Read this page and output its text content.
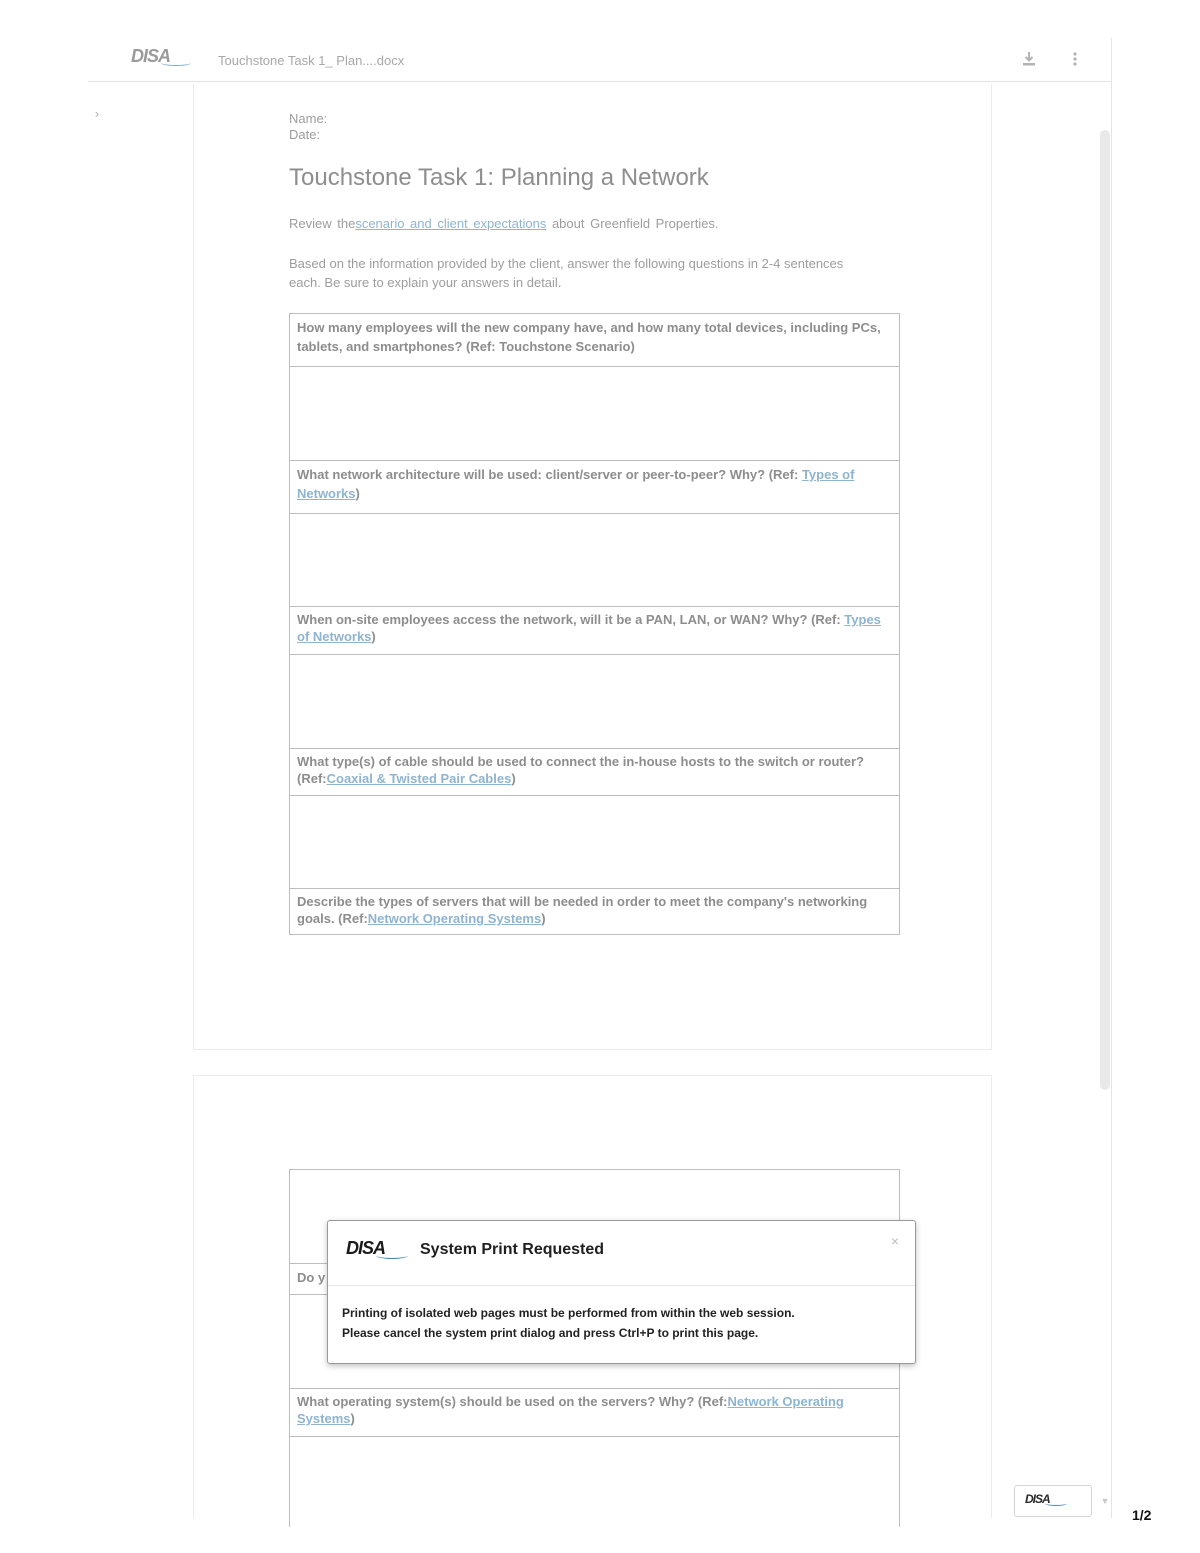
DISA	Touchstone Task 1_ Plan....docx
›
▼
Name:
Date:
Touchstone Task 1: Planning a Network
Review thescenario and client expectations about Greenfield Properties.
Based on the information provided by the client, answer the following questions in 2-4 sentences each. Be sure to explain your answers in detail.
How many employees will the new company have, and how many total devices, including PCs, tablets, and smartphones? (Ref: Touchstone Scenario)
What network architecture will be used: client/server or peer-to-peer? Why? (Ref: Types of Networks)
When on-site employees access the network, will it be a PAN, LAN, or WAN? Why? (Ref: Types of Networks)
What type(s) of cable should be used to connect the in-house hosts to the switch or router? (Ref:Coaxial & Twisted Pair Cables)
Describe the types of servers that will be needed in order to meet the company's networking goals. (Ref:Network Operating Systems)
Do y
What operating system(s) should be used on the servers? Why? (Ref:Network Operating Systems)
DISA System Print Requested	×
Printing of isolated web pages must be performed from within the web session.
Please cancel the system print dialog and press Ctrl+P to print this page.
DISA
1/2
